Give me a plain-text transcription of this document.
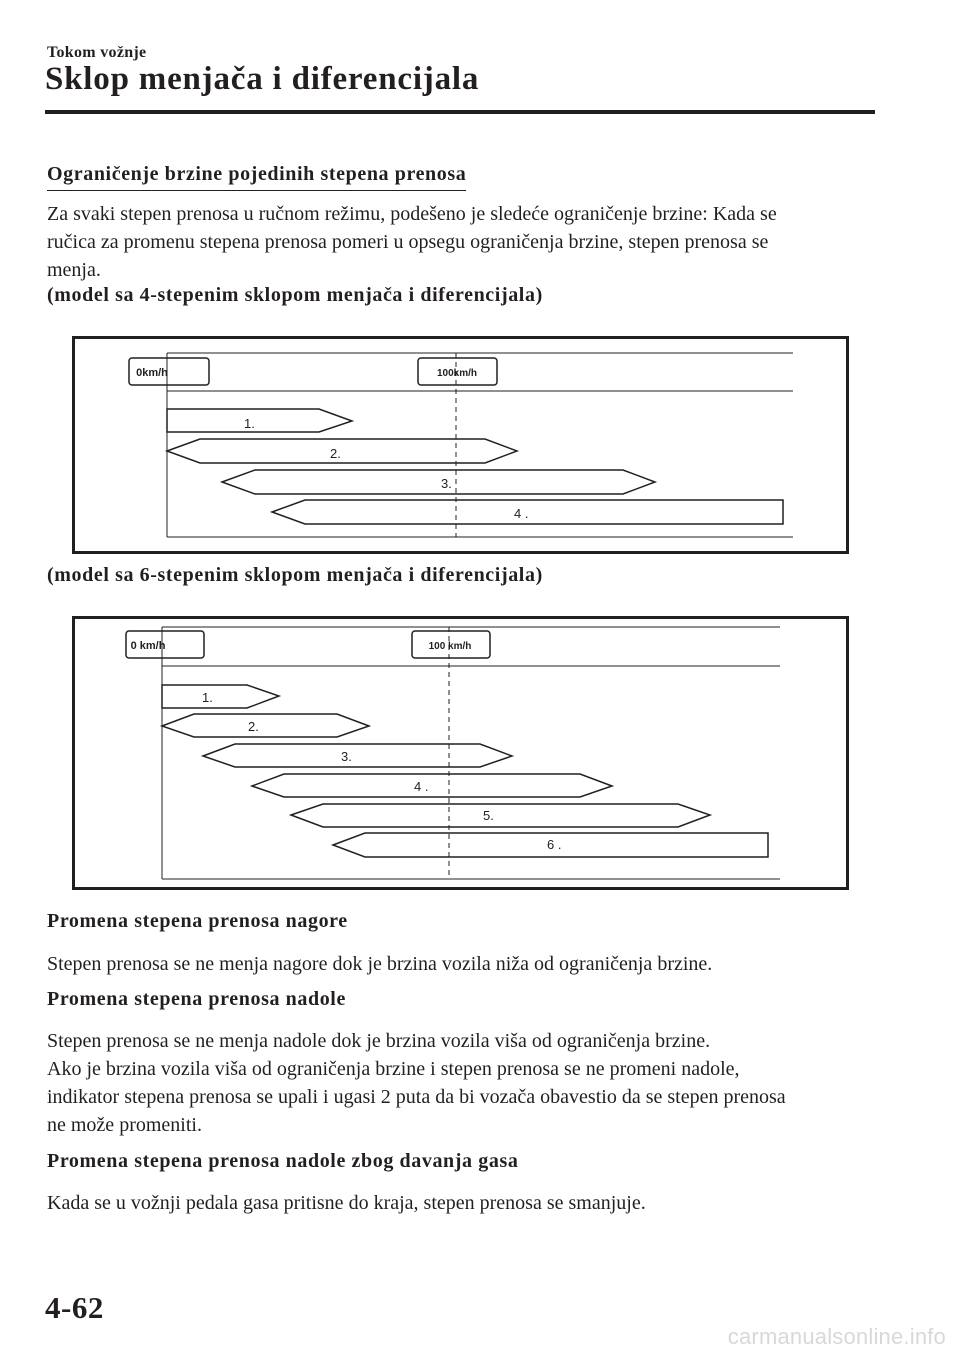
Tokom vožnje
Sklop menjača i diferencijala
Ograničenje brzine pojedinih stepena prenosa
Za svaki stepen prenosa u ručnom režimu, podešeno je sledeće ograničenje brzine: Kada se
ručica za promenu stepena prenosa pomeri u opsegu ograničenja brzine, stepen prenosa se
menja.
(model sa 4-stepenim sklopom menjača i diferencijala)
0km/h	100km/h
1.
2.
3.
4 .
(model sa 6-stepenim sklopom menjača i diferencijala)
0 km/h	100 km/h
1.
2.
3.
4 .
5.
6 .
Promena stepena prenosa nagore
Stepen prenosa se ne menja nagore dok je brzina vozila niža od ograničenja brzine.
Promena stepena prenosa nadole
Stepen prenosa se ne menja nadole dok je brzina vozila viša od ograničenja brzine.
Ako je brzina vozila viša od ograničenja brzine i stepen prenosa se ne promeni nadole,
indikator stepena prenosa se upali i ugasi 2 puta da bi vozača obavestio da se stepen prenosa
ne može promeniti.
Promena stepena prenosa nadole zbog davanja gasa
Kada se u vožnji pedala gasa pritisne do kraja, stepen prenosa se smanjuje.
4-62
carmanualsonline.info
